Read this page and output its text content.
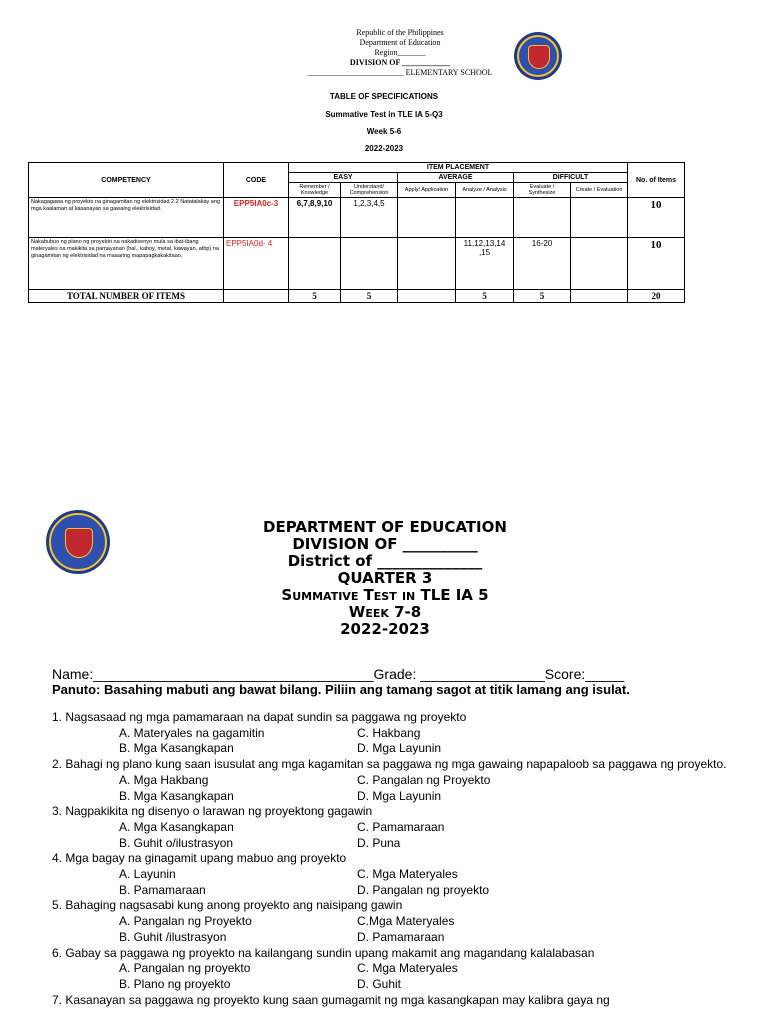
Republic of the Philippines
Department of Education
Region_______
DIVISION OF ____________
________________________ ELEMENTARY SCHOOL
TABLE OF SPECIFICATIONS
Summative Test in TLE IA 5-Q3
Week 5-6
2022-2023
COMPETENCY	CODE	ITEM PLACEMENT						No. of Items
		EASY		AVERAGE		DIFFICULT		
		Remember / Knowledge	Understand/ Comprehension	Apply/ Application	Analyze / Analysis	Evaluate / Synthesize	Create / Evaluation	
Nakagagawa ng proyekto na ginagamitan ng elektrisidad 2.2 Natatalakay ang mga kaalaman at kasanayan sa gawaing elektrisidad.	EPP5IA0c-3	6,7,8,9,10	1,2,3,4,5					10
Nakabubuo ng plano ng proyekto na nakadisenyo mula sa ibat-ibang materyales na makikita sa pamayanan (hal., kahoy, metal, kawayan, atbp) na ginagamitan ng elektrisidad na maaaring mapapagkakakitaan.	EPP5IA0d- 4				11,12,13,14 ,15	16-20		10
TOTAL NUMBER OF ITEMS		5	5		5	5		20
DEPARTMENT OF EDUCATION
DIVISION OF __________
District of ______________
QUARTER 3
Summative Test in TLE IA 5
Week 7-8
2022-2023
Name:____________________________________Grade: ________________Score:_____
Panuto: Basahing mabuti ang bawat bilang. Piliin ang tamang sagot at titik lamang ang isulat.
1. Nagsasaad ng mga pamamaraan na dapat sundin sa paggawa ng proyekto
A. Materyales na gagamitin	C. Hakbang
B. Mga Kasangkapan	D. Mga Layunin
2. Bahagi ng plano kung saan isusulat ang mga kagamitan sa paggawa ng mga gawaing napapaloob sa paggawa ng proyekto.
A. Mga Hakbang	C. Pangalan ng Proyekto
B. Mga Kasangkapan	D. Mga Layunin
3. Nagpakikita ng disenyo o larawan ng proyektong gagawin
A. Mga Kasangkapan	C. Pamamaraan
B. Guhit o/ilustrasyon	D. Puna
4. Mga bagay na ginagamit upang mabuo ang proyekto
A. Layunin	C. Mga Materyales
B. Pamamaraan	D. Pangalan ng proyekto
5. Bahaging nagsasabi kung anong proyekto ang naisipang gawin
A. Pangalan ng Proyekto	C.Mga Materyales
B. Guhit /ilustrasyon	D. Pamamaraan
6. Gabay sa paggawa ng proyekto na kailangang sundin upang makamit ang magandang kalalabasan
A. Pangalan ng proyekto	C. Mga Materyales
B. Plano ng proyekto	D. Guhit
7. Kasanayan sa paggawa ng proyekto kung saan gumagamit ng mga kasangkapan may kalibra gaya ng
